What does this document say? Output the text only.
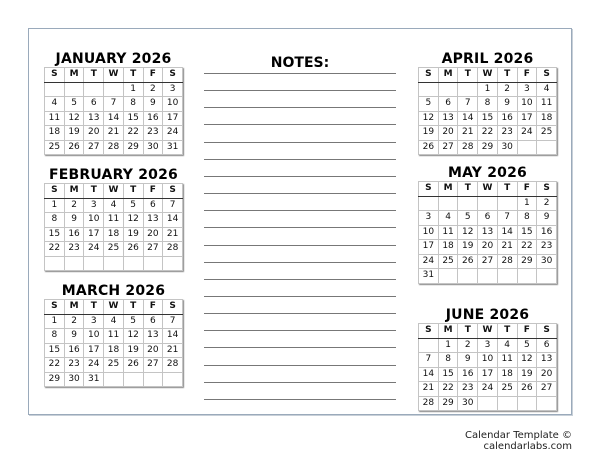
JANUARY 2026
S	M	T	W	T	F	S
				1	2	3
4	5	6	7	8	9	10
11	12	13	14	15	16	17
18	19	20	21	22	23	24
25	26	27	28	29	30	31
FEBRUARY 2026
S	M	T	W	T	F	S
1	2	3	4	5	6	7
8	9	10	11	12	13	14
15	16	17	18	19	20	21
22	23	24	25	26	27	28

MARCH 2026
S	M	T	W	T	F	S
1	2	3	4	5	6	7
8	9	10	11	12	13	14
15	16	17	18	19	20	21
22	23	24	25	26	27	28
29	30	31				
APRIL 2026
S	M	T	W	T	F	S
			1	2	3	4
5	6	7	8	9	10	11
12	13	14	15	16	17	18
19	20	21	22	23	24	25
26	27	28	29	30		
MAY 2026
S	M	T	W	T	F	S
					1	2
3	4	5	6	7	8	9
10	11	12	13	14	15	16
17	18	19	20	21	22	23
24	25	26	27	28	29	30
31						
JUNE 2026
S	M	T	W	T	F	S
	1	2	3	4	5	6
7	8	9	10	11	12	13
14	15	16	17	18	19	20
21	22	23	24	25	26	27
28	29	30				
NOTES:
Calendar Template © calendarlabs.com
